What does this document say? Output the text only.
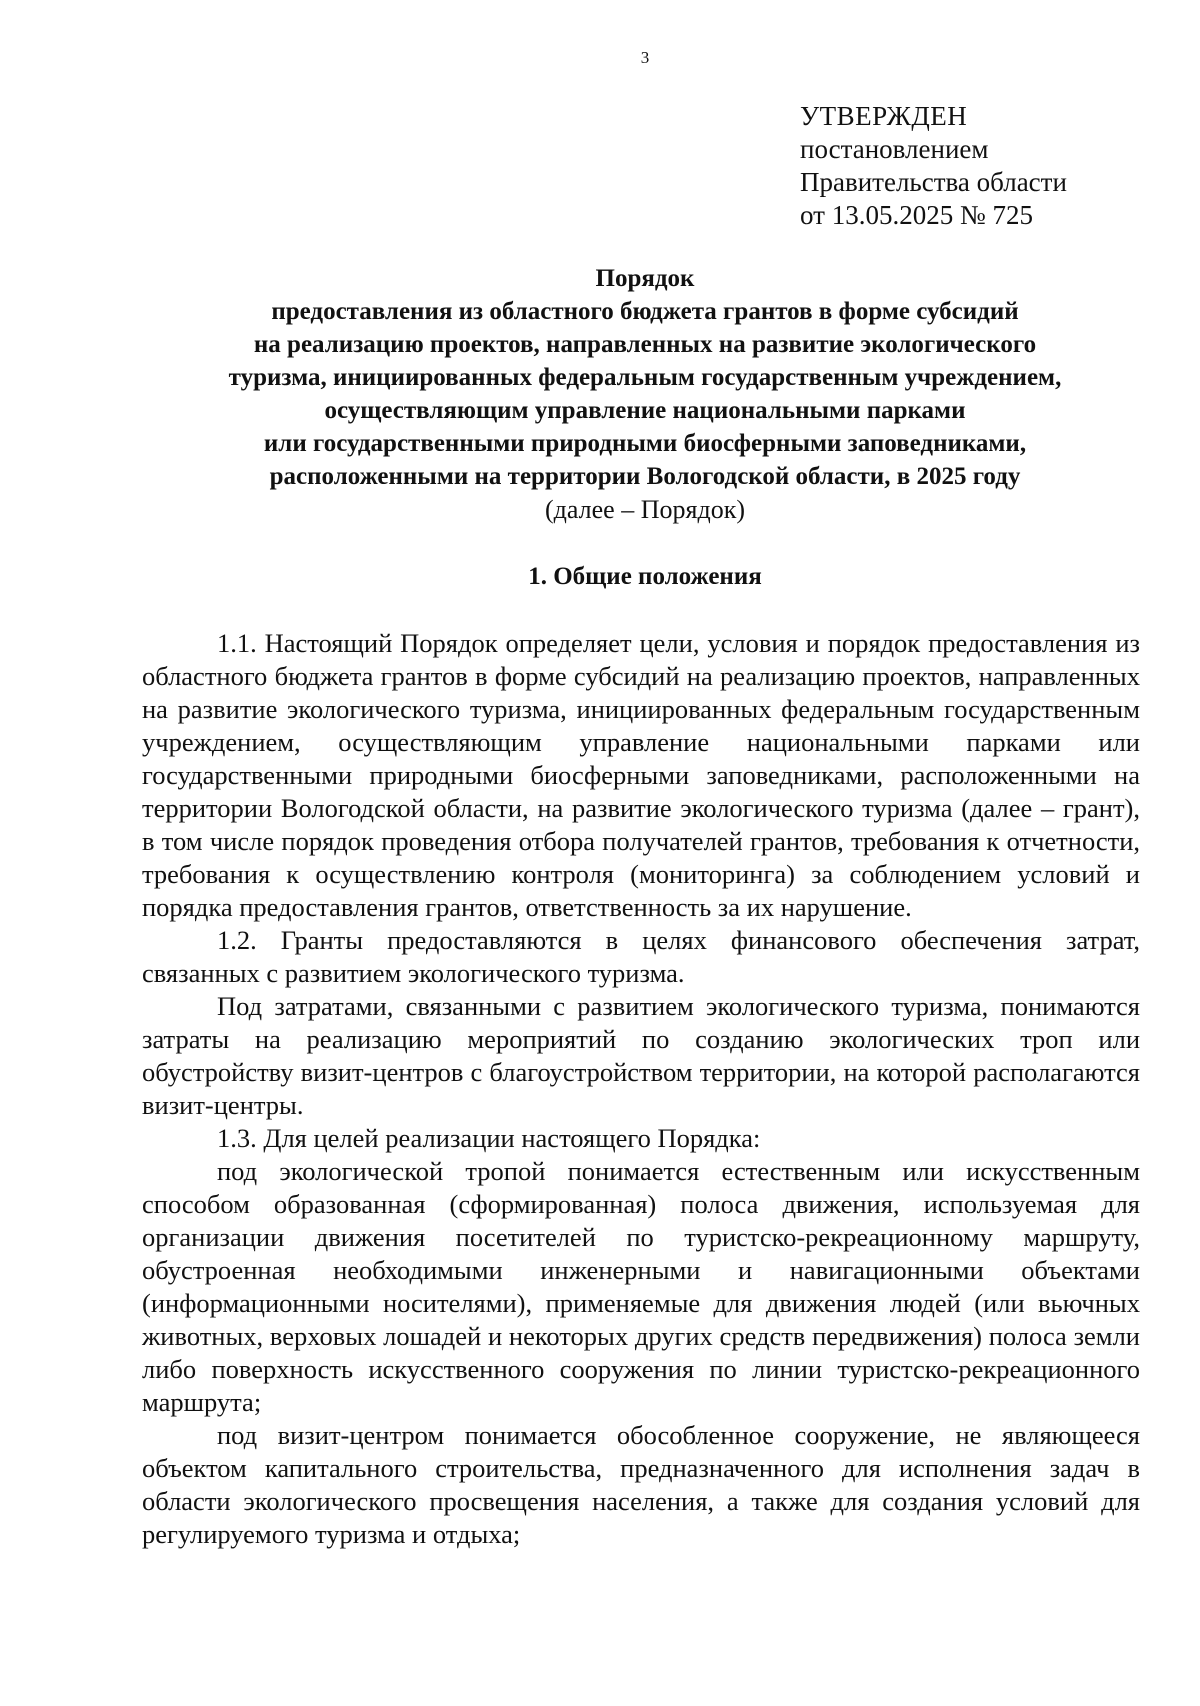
3
УТВЕРЖДЕН
постановлением
Правительства области
от 13.05.2025 № 725
Порядок
предоставления из областного бюджета грантов в форме субсидий
на реализацию проектов, направленных на развитие экологического
туризма, инициированных федеральным государственным учреждением,
осуществляющим управление национальными парками
или государственными природными биосферными заповедниками,
расположенными на территории Вологодской области, в 2025 году
(далее – Порядок)
1. Общие положения

1.1. Настоящий Порядок определяет цели, условия и порядок предоставления из областного бюджета грантов в форме субсидий на реализацию проектов, направленных на развитие экологического туризма, инициированных федеральным государственным учреждением, осуществляющим управление национальными парками или государственными природными биосферными заповедниками, расположенными на территории Вологодской области, на развитие экологического туризма (далее – грант), в том числе порядок проведения отбора получателей грантов, требования к отчетности, требования к осуществлению контроля (мониторинга) за соблюдением условий и порядка предоставления грантов, ответственность за их нарушение.

1.2. Гранты предоставляются в целях финансового обеспечения затрат, связанных с развитием экологического туризма.

Под затратами, связанными с развитием экологического туризма, понимаются затраты на реализацию мероприятий по созданию экологических троп или обустройству визит-центров с благоустройством территории, на которой располагаются визит-центры.

1.3. Для целей реализации настоящего Порядка:

под экологической тропой понимается естественным или искусственным способом образованная (сформированная) полоса движения, используемая для организации движения посетителей по туристско-рекреационному маршруту, обустроенная необходимыми инженерными и навигационными объектами (информационными носителями), применяемые для движения людей (или вьючных животных, верховых лошадей и некоторых других средств передвижения) полоса земли либо поверхность искусственного сооружения по линии туристско-рекреационного маршрута;

под визит-центром понимается обособленное сооружение, не являющееся объектом капитального строительства, предназначенного для исполнения задач в области экологического просвещения населения, а также для создания условий для регулируемого туризма и отдыха;
